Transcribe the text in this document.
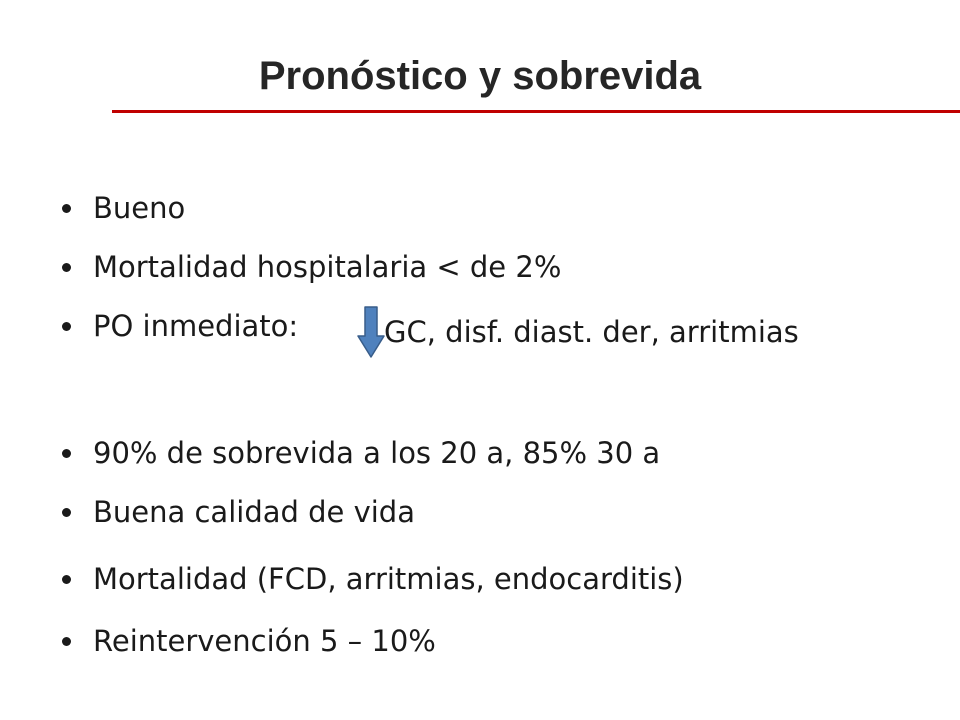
Pronóstico y sobrevida
Bueno
Mortalidad hospitalaria < de 2%
PO inmediato:
90% de sobrevida a los 20 a, 85% 30 a
Buena calidad de vida
Mortalidad (FCD, arritmias, endocarditis)
Reintervención 5 – 10%
GC, disf. diast. der, arritmias
